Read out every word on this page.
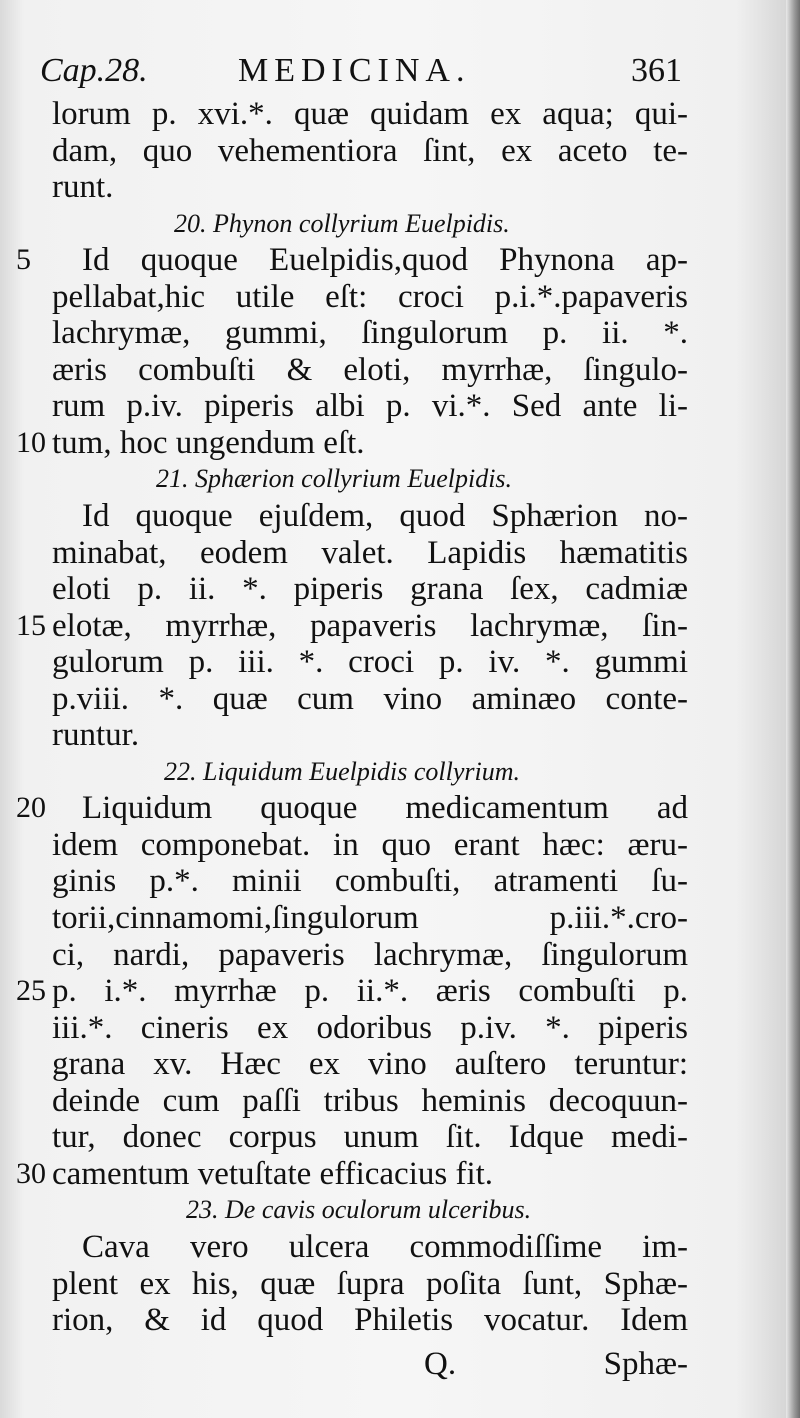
Cap.28.	MEDICINA.	361
5
10
15
20
25
30
lorum p. xvi.*. quæ quidam ex aqua; qui-
dam, quo vehementiora ſint, ex aceto te-
runt.
20. Phynon collyrium Euelpidis.
Id quoque Euelpidis,quod Phynona ap-
pellabat,hic utile eſt: croci p.i.*.papaveris
lachrymæ, gummi, ſingulorum p. ii. *.
æris combuſti & eloti, myrrhæ, ſingulo-
rum p.iv. piperis albi p. vi.*. Sed ante li-
tum, hoc ungendum eſt.
21. Sphærion collyrium Euelpidis.
Id quoque ejuſdem, quod Sphærion no-
minabat, eodem valet. Lapidis hæmatitis
eloti p. ii. *. piperis grana ſex, cadmiæ
elotæ, myrrhæ, papaveris lachrymæ, ſin-
gulorum p. iii. *. croci p. iv. *. gummi
p.viii. *. quæ cum vino aminæo conte-
runtur.
22. Liquidum Euelpidis collyrium.
Liquidum quoque medicamentum ad
idem componebat. in quo erant hæc: æru-
ginis p.*. minii combuſti, atramenti ſu-
torii,cinnamomi,ſingulorum p.iii.*.cro-
ci, nardi, papaveris lachrymæ, ſingulorum
p. i.*. myrrhæ p. ii.*. æris combuſti p.
iii.*. cineris ex odoribus p.iv. *. piperis
grana xv. Hæc ex vino auſtero teruntur:
deinde cum paſſi tribus heminis decoquun-
tur, donec corpus unum ſit. Idque medi-
camentum vetuſtate efficacius fit.
23. De cavis oculorum ulceribus.
Cava vero ulcera commodiſſime im-
plent ex his, quæ ſupra poſita ſunt, Sphæ-
rion, & id quod Philetis vocatur. Idem
Q.	Sphæ-
